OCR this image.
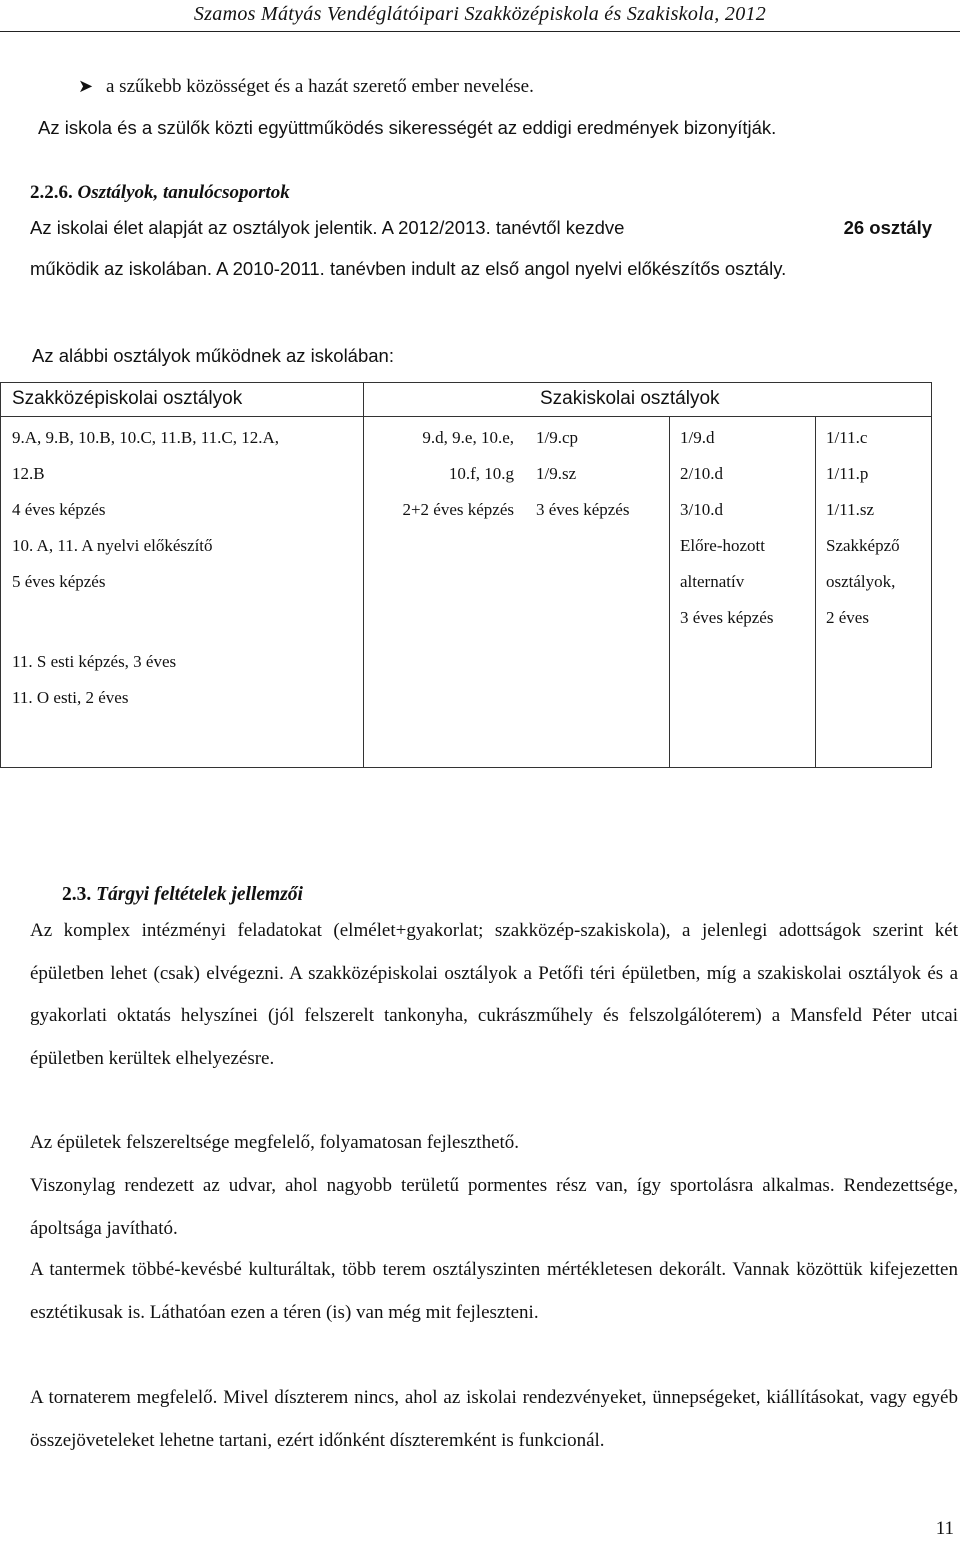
Szamos Mátyás Vendéglátóipari Szakközépiskola és Szakiskola, 2012
➤ a szűkebb közösséget és a hazát szerető ember nevelése.
Az iskola és a szülők közti együttműködés sikerességét az eddigi eredmények bizonyítják.
2.2.6. Osztályok, tanulócsoportok
Az iskolai élet alapját az osztályok jelentik. A 2012/2013. tanévtől kezdve	26 osztály
működik az iskolában. A 2010-2011. tanévben indult az első angol nyelvi előkészítős osztály.
Az alábbi osztályok működnek az iskolában:
Szakközépiskolai osztályok	Szakiskolai osztályok
9.A, 9.B, 10.B, 10.C, 11.B, 11.C, 12.A,
12.B
4 éves képzés
10. A, 11. A nyelvi előkészítő
5 éves képzés
11. S esti képzés, 3 éves
11. O esti, 2 éves
9.d, 9.e, 10.e,
10.f, 10.g
2+2 éves képzés
1/9.cp
1/9.sz
3 éves képzés
1/9.d
2/10.d
3/10.d
Előre-hozott
alternatív
3 éves képzés
1/11.c
1/11.p
1/11.sz
Szakképző
osztályok,
2 éves
2.3. Tárgyi feltételek jellemzői
Az komplex intézményi feladatokat (elmélet+gyakorlat; szakközép-szakiskola), a jelenlegi adottságok szerint két épületben lehet (csak) elvégezni. A szakközépiskolai osztályok a Petőfi téri épületben, míg a szakiskolai osztályok és a gyakorlati oktatás helyszínei (jól felszerelt tankonyha, cukrászműhely és felszolgálóterem) a Mansfeld Péter utcai épületben kerültek elhelyezésre.
Az épületek felszereltsége megfelelő, folyamatosan fejleszthető.
Viszonylag rendezett az udvar, ahol nagyobb területű pormentes rész van, így sportolásra alkalmas. Rendezettsége, ápoltsága javítható.
A tantermek többé-kevésbé kulturáltak, több terem osztályszinten mértékletesen dekorált. Vannak közöttük kifejezetten esztétikusak is. Láthatóan ezen a téren (is) van még mit fejleszteni.
A tornaterem megfelelő. Mivel díszterem nincs, ahol az iskolai rendezvényeket, ünnepségeket, kiállításokat, vagy egyéb összejöveteleket lehetne tartani, ezért időnként díszteremként is funkcionál.
11
